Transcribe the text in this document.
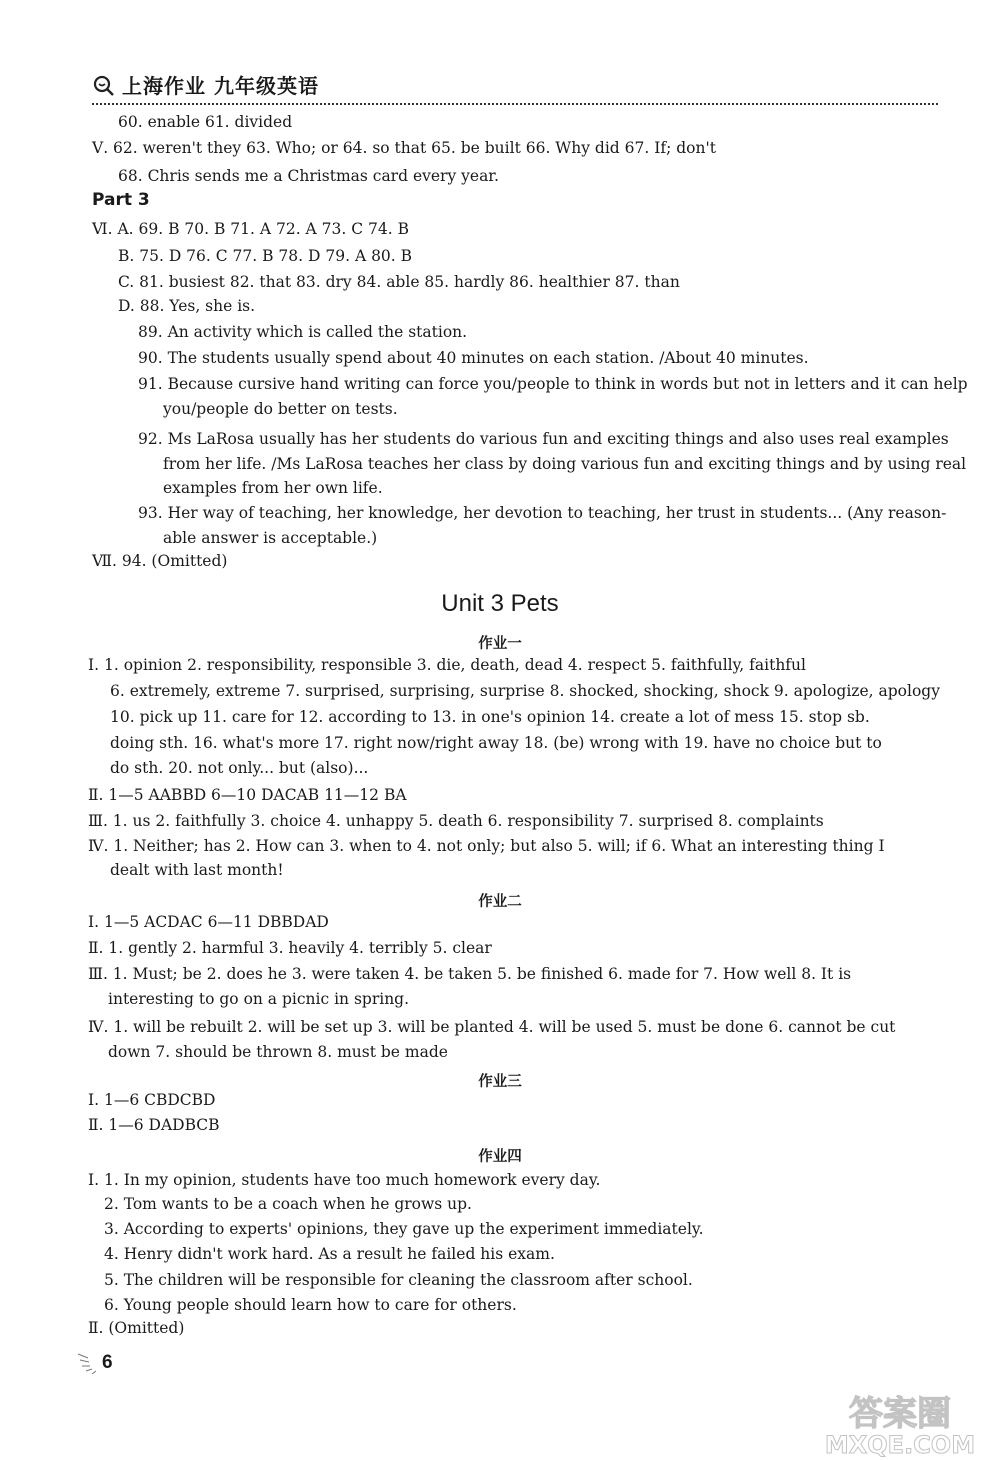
上海作业 九年级英语
60. enable 61. divided
Ⅴ. 62. weren't they 63. Who; or 64. so that 65. be built 66. Why did 67. If; don't
68. Chris sends me a Christmas card every year.
Part 3
Ⅵ. A. 69. B 70. B 71. A 72. A 73. C 74. B
B. 75. D 76. C 77. B 78. D 79. A 80. B
C. 81. busiest 82. that 83. dry 84. able 85. hardly 86. healthier 87. than
D. 88. Yes, she is.
89. An activity which is called the station.
90. The students usually spend about 40 minutes on each station. /About 40 minutes.
91. Because cursive hand writing can force you/people to think in words but not in letters and it can help
you/people do better on tests.
92. Ms LaRosa usually has her students do various fun and exciting things and also uses real examples
from her life. /Ms LaRosa teaches her class by doing various fun and exciting things and by using real
examples from her own life.
93. Her way of teaching, her knowledge, her devotion to teaching, her trust in students... (Any reason-
able answer is acceptable.)
Ⅶ. 94. (Omitted)
Unit 3 Pets
作业一
Ⅰ. 1. opinion 2. responsibility, responsible 3. die, death, dead 4. respect 5. faithfully, faithful
6. extremely, extreme 7. surprised, surprising, surprise 8. shocked, shocking, shock 9. apologize, apology
10. pick up 11. care for 12. according to 13. in one's opinion 14. create a lot of mess 15. stop sb.
doing sth. 16. what's more 17. right now/right away 18. (be) wrong with 19. have no choice but to
do sth. 20. not only... but (also)...
Ⅱ. 1—5 AABBD 6—10 DACAB 11—12 BA
Ⅲ. 1. us 2. faithfully 3. choice 4. unhappy 5. death 6. responsibility 7. surprised 8. complaints
Ⅳ. 1. Neither; has 2. How can 3. when to 4. not only; but also 5. will; if 6. What an interesting thing I
dealt with last month!
作业二
Ⅰ. 1—5 ACDAC 6—11 DBBDAD
Ⅱ. 1. gently 2. harmful 3. heavily 4. terribly 5. clear
Ⅲ. 1. Must; be 2. does he 3. were taken 4. be taken 5. be finished 6. made for 7. How well 8. It is
interesting to go on a picnic in spring.
Ⅳ. 1. will be rebuilt 2. will be set up 3. will be planted 4. will be used 5. must be done 6. cannot be cut
down 7. should be thrown 8. must be made
作业三
Ⅰ. 1—6 CBDCBD
Ⅱ. 1—6 DADBCB
作业四
Ⅰ. 1. In my opinion, students have too much homework every day.
2. Tom wants to be a coach when he grows up.
3. According to experts' opinions, they gave up the experiment immediately.
4. Henry didn't work hard. As a result he failed his exam.
5. The children will be responsible for cleaning the classroom after school.
6. Young people should learn how to care for others.
Ⅱ. (Omitted)
6
答案圈
MXQE.COM
